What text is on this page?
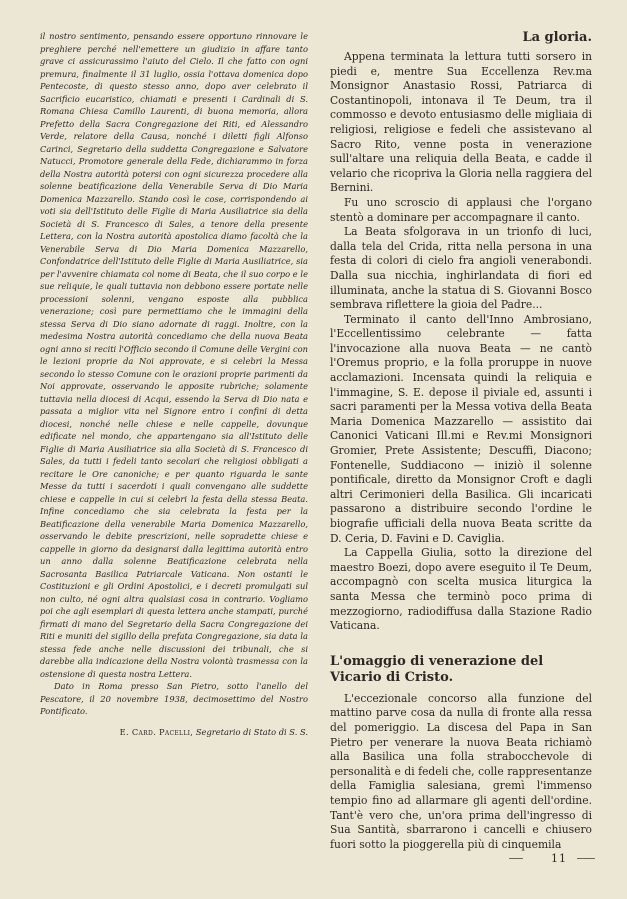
il nostro sentimento, pensando essere opportuno rinnovare le preghiere perché nell'emettere un giudizio in affare tanto grave ci assicurassimo l'aiuto del Cielo. Il che fatto con ogni premura, finalmente il 31 luglio, ossia l'ottava domenica dopo Pentecoste, di questo stesso anno, dopo aver celebrato il Sacrificio eucaristico, chiamati e presenti i Cardinali di S. Romana Chiesa Camillo Laurenti, di buona memoria, allora Prefetto della Sacra Congregazione dei Riti, ed Alessandro Verde, relatore della Causa, nonché i diletti figli Alfonso Carinci, Segretario della suddetta Congregazione e Salvatore Natucci, Promotore generale della Fede, dichiarammo in forza della Nostra autorità potersi con ogni sicurezza procedere alla solenne beatificazione della Venerabile Serva di Dio Maria Domenica Mazzarello. Stando così le cose, corrispondendo ai voti sia dell'Istituto delle Figlie di Maria Ausiliatrice sia della Società di S. Francesco di Sales, a tenore della presente Lettera, con la Nostra autorità apostolica diamo facoltà che la Venerabile Serva di Dio Maria Domenica Mazzarello, Confondatrice dell'Istituto delle Figlie di Maria Ausiliatrice, sia per l'avvenire chiamata col nome di Beata, che il suo corpo e le sue reliquie, le quali tuttavia non debbono essere portate nelle processioni solenni, vengano esposte alla pubblica venerazione; così pure permettiamo che le immagini della stessa Serva di Dio siano adornate di raggi. Inoltre, con la medesima Nostra autorità concediamo che della nuova Beata ogni anno si reciti l'Officio secondo il Comune delle Vergini con le lezioni proprie da Noi approvate, e si celebri la Messa secondo lo stesso Comune con le orazioni proprie parimenti da Noi approvate, osservando le apposite rubriche; solamente tuttavia nella diocesi di Acqui, essendo la Serva di Dio nata e passata a miglior vita nel Signore entro i confini di detta diocesi, nonché nelle chiese e nelle cappelle, dovunque edificate nel mondo, che appartengano sia all'Istituto delle Figlie di Maria Ausiliatrice sia alla Società di S. Francesco di Sales, da tutti i fedeli tanto secolari che religiosi obbligati a recitare le Ore canoniche; e per quanto riguarda le sante Messe da tutti i sacerdoti i quali convengano alle suddette chiese e cappelle in cui si celebri la festa della stessa Beata. Infine concediamo che sia celebrata la festa per la Beatificazione della venerabile Maria Domenica Mazzarello, osservando le debite prescrizioni, nelle sopradette chiese e cappelle in giorno da designarsi dalla legittima autorità entro un anno dalla solenne Beatificazione celebrata nella Sacrosanta Basilica Patriarcale Vaticana. Non ostanti le Costituzioni e gli Ordini Apostolici, e i decreti promulgati sul non culto, né ogni altra qualsiasi cosa in contrario. Vogliamo poi che agli esemplari di questa lettera anche stampati, purché firmati di mano del Segretario della Sacra Congregazione dei Riti e muniti del sigillo della prefata Congregazione, sia data la stessa fede anche nelle discussioni dei tribunali, che si darebbe alla indicazione della Nostra volontà trasmessa con la ostensione di questa nostra Lettera.

Dato in Roma presso San Pietro, sotto l'anello del Pescatore, il 20 novembre 1938, decimosettimo del Nostro Pontificato.

E. Card. Pacelli, Segretario di Stato di S. S.
La gloria.

Appena terminata la lettura tutti sorsero in piedi e, mentre Sua Eccellenza Rev.ma Monsignor Anastasio Rossi, Patriarca di Costantinopoli, intonava il Te Deum, tra il commosso e devoto entusiasmo delle migliaia di religiosi, religiose e fedeli che assistevano al Sacro Rito, venne posta in venerazione sull'altare una reliquia della Beata, e cadde il velario che ricopriva la Gloria nella raggiera del Bernini.

Fu uno scroscio di applausi che l'organo stentò a dominare per accompagnare il canto.

La Beata sfolgorava in un trionfo di luci, dalla tela del Crida, ritta nella persona in una festa di colori di cielo fra angioli venerabondi. Dalla sua nicchia, inghirlandata di fiori ed illuminata, anche la statua di S. Giovanni Bosco sembrava riflettere la gioia del Padre...

Terminato il canto dell'Inno Ambrosiano, l'Eccellentissimo celebrante — fatta l'invocazione alla nuova Beata — ne cantò l'Oremus proprio, e la folla proruppe in nuove acclamazioni. Incensata quindi la reliquia e l'immagine, S. E. depose il piviale ed, assunti i sacri paramenti per la Messa votiva della Beata Maria Domenica Mazzarello — assistito dai Canonici Vaticani Ill.mi e Rev.mi Monsignori Gromier, Prete Assistente; Descuffi, Diacono; Fontenelle, Suddiacono — iniziò il solenne pontificale, diretto da Monsignor Croft e dagli altri Cerimonieri della Basilica. Gli incaricati passarono a distribuire secondo l'ordine le biografie ufficiali della nuova Beata scritte da D. Ceria, D. Favini e D. Caviglia.

La Cappella Giulia, sotto la direzione del maestro Boezi, dopo avere eseguito il Te Deum, accompagnò con scelta musica liturgica la santa Messa che terminò poco prima di mezzogiorno, radiodiffusa dalla Stazione Radio Vaticana.

L'omaggio di venerazione del Vicario di Cristo.

L'eccezionale concorso alla funzione del mattino parve cosa da nulla di fronte alla ressa del pomeriggio. La discesa del Papa in San Pietro per venerare la nuova Beata richiamò alla Basilica una folla strabocchevole di personalità e di fedeli che, colle rappresentanze della Famiglia salesiana, gremì l'immenso tempio fino ad allarmare gli agenti dell'ordine. Tant'è vero che, un'ora prima dell'ingresso di Sua Santità, sbarrarono i cancelli e chiusero fuori sotto la pioggerella più di cinquemila

11
